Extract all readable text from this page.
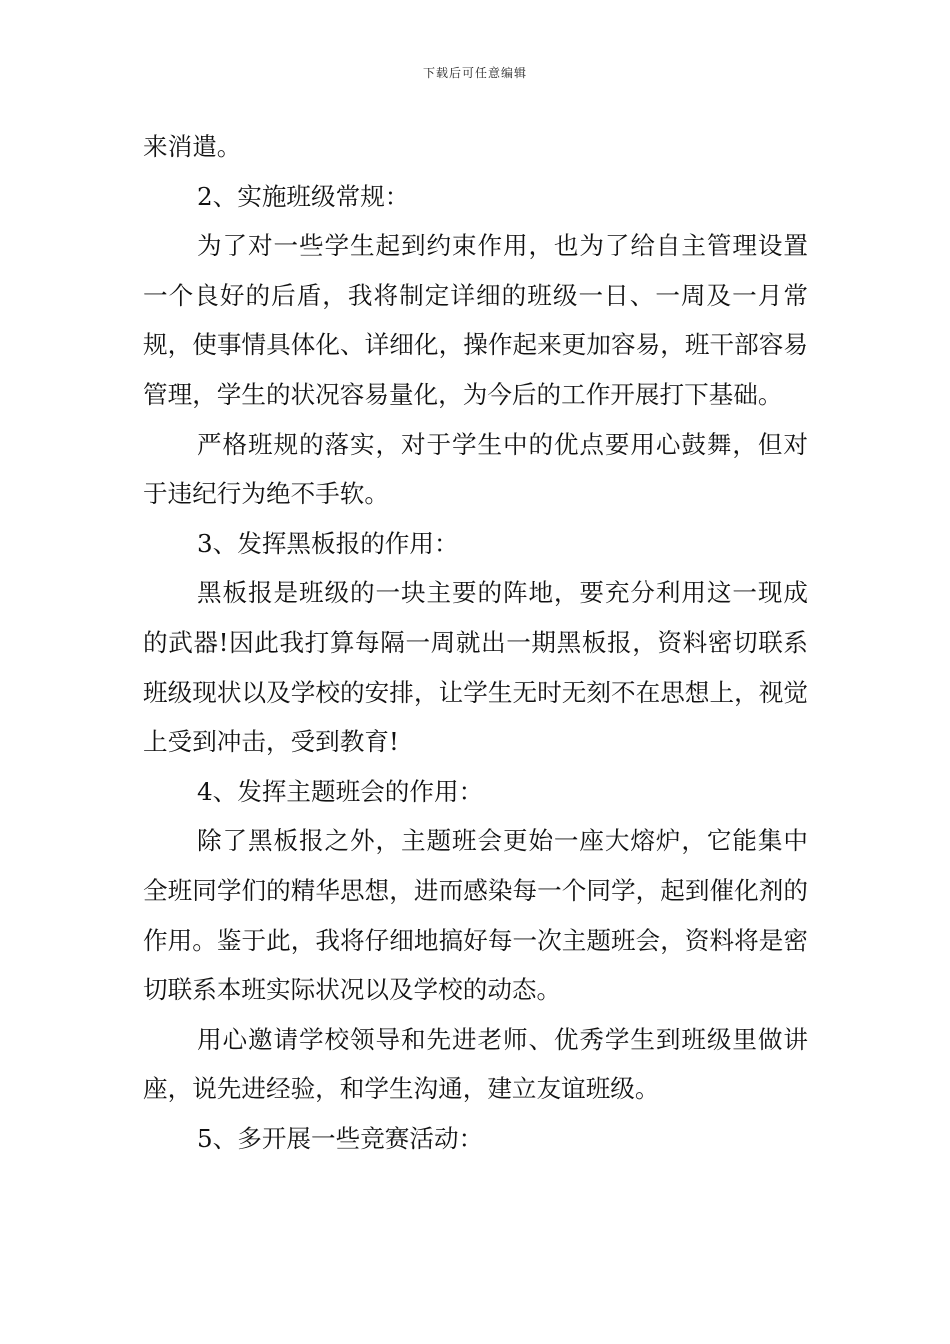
下载后可任意编辑

来消遣。

2、实施班级常规：

为了对一些学生起到约束作用，也为了给自主管理设置一个良好的后盾，我将制定详细的班级一日、一周及一月常规，使事情具体化、详细化，操作起来更加容易，班干部容易管理，学生的状况容易量化，为今后的工作开展打下基础。

严格班规的落实，对于学生中的优点要用心鼓舞，但对于违纪行为绝不手软。

3、发挥黑板报的作用：

黑板报是班级的一块主要的阵地，要充分利用这一现成的武器!因此我打算每隔一周就出一期黑板报，资料密切联系班级现状以及学校的安排，让学生无时无刻不在思想上，视觉上受到冲击，受到教育!

4、发挥主题班会的作用：

除了黑板报之外，主题班会更始一座大熔炉，它能集中全班同学们的精华思想，进而感染每一个同学，起到催化剂的作用。鉴于此，我将仔细地搞好每一次主题班会，资料将是密切联系本班实际状况以及学校的动态。

用心邀请学校领导和先进老师、优秀学生到班级里做讲座，说先进经验，和学生沟通，建立友谊班级。

5、多开展一些竞赛活动：
